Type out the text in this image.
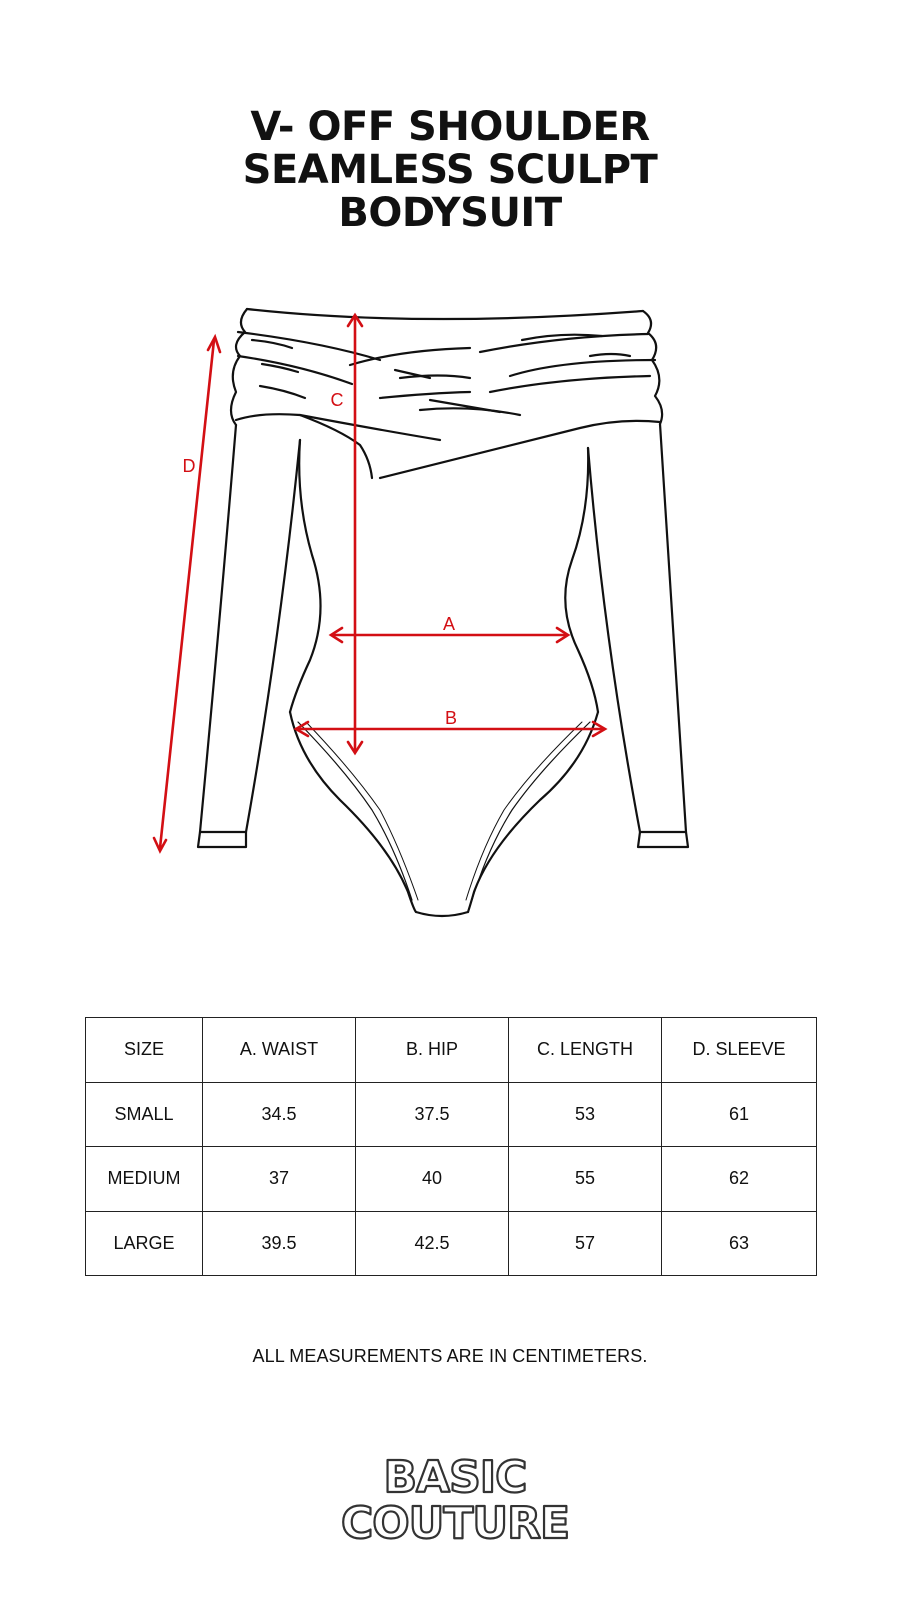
V- OFF SHOULDER
SEAMLESS SCULPT
BODYSUIT
C
D
A
B
SIZE	A. WAIST	B. HIP	C. LENGTH	D. SLEEVE
SMALL	34.5	37.5	53	61
MEDIUM	37	40	55	62
LARGE	39.5	42.5	57	63
ALL MEASUREMENTS ARE IN CENTIMETERS.
BASIC
COUTURE
